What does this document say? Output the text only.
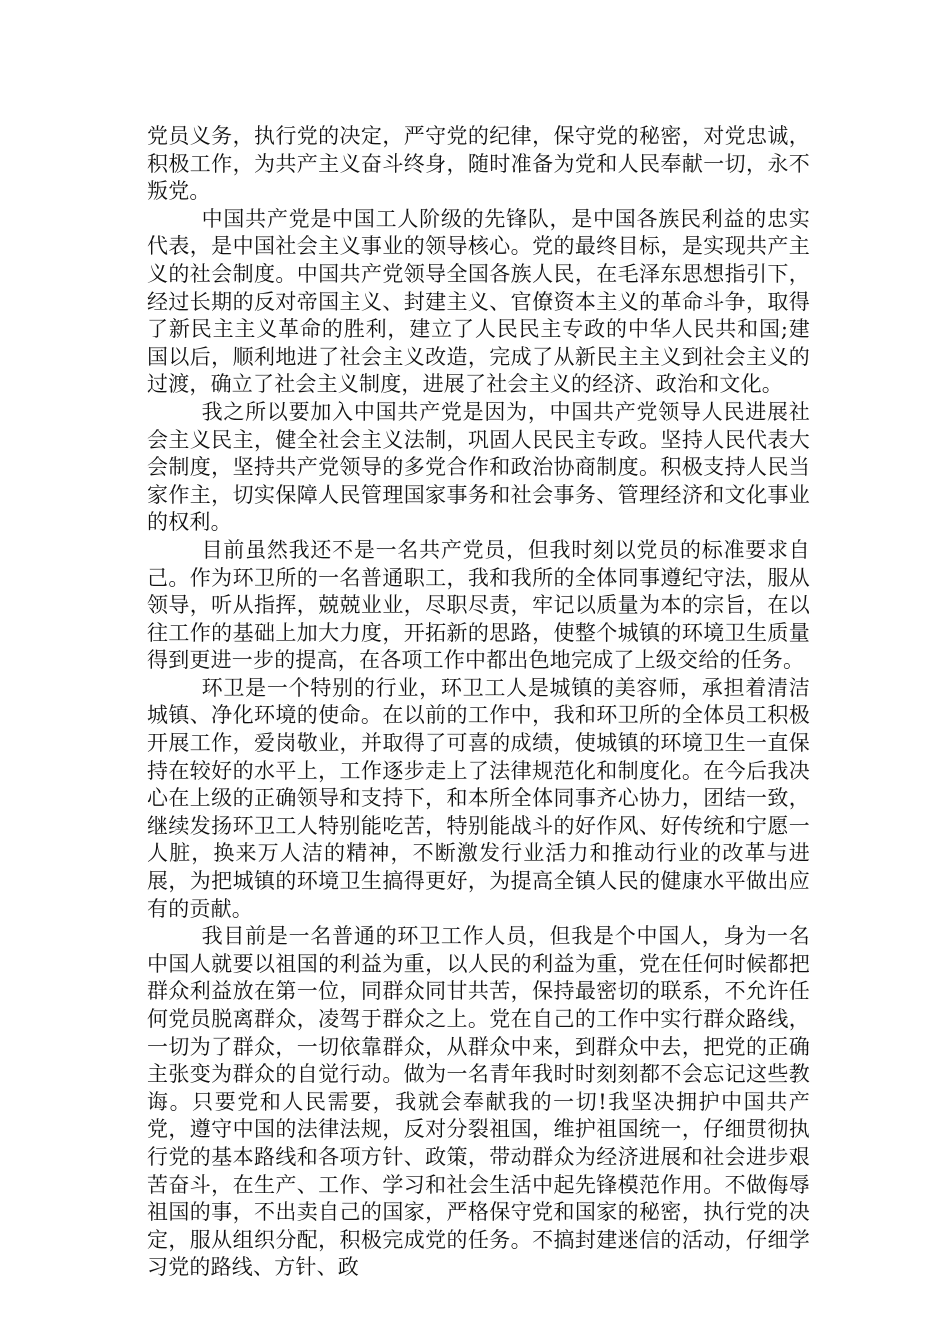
党员义务，执行党的决定，严守党的纪律，保守党的秘密，对党忠诚，积极工作，为共产主义奋斗终身，随时准备为党和人民奉献一切，永不叛党。

中国共产党是中国工人阶级的先锋队，是中国各族民利益的忠实代表，是中国社会主义事业的领导核心。党的最终目标，是实现共产主义的社会制度。中国共产党领导全国各族人民，在毛泽东思想指引下，经过长期的反对帝国主义、封建主义、官僚资本主义的革命斗争，取得了新民主主义革命的胜利，建立了人民民主专政的中华人民共和国;建国以后，顺利地进了社会主义改造，完成了从新民主主义到社会主义的过渡，确立了社会主义制度，进展了社会主义的经济、政治和文化。

我之所以要加入中国共产党是因为，中国共产党领导人民进展社会主义民主，健全社会主义法制，巩固人民民主专政。坚持人民代表大会制度，坚持共产党领导的多党合作和政治协商制度。积极支持人民当家作主，切实保障人民管理国家事务和社会事务、管理经济和文化事业的权利。

目前虽然我还不是一名共产党员，但我时刻以党员的标准要求自己。作为环卫所的一名普通职工，我和我所的全体同事遵纪守法，服从领导，听从指挥，兢兢业业，尽职尽责，牢记以质量为本的宗旨，在以往工作的基础上加大力度，开拓新的思路，使整个城镇的环境卫生质量得到更进一步的提高，在各项工作中都出色地完成了上级交给的任务。

环卫是一个特别的行业，环卫工人是城镇的美容师，承担着清洁城镇、净化环境的使命。在以前的工作中，我和环卫所的全体员工积极开展工作，爱岗敬业，并取得了可喜的成绩，使城镇的环境卫生一直保持在较好的水平上，工作逐步走上了法律规范化和制度化。在今后我决心在上级的正确领导和支持下，和本所全体同事齐心协力，团结一致，继续发扬环卫工人特别能吃苦，特别能战斗的好作风、好传统和宁愿一人脏，换来万人洁的精神，不断激发行业活力和推动行业的改革与进展，为把城镇的环境卫生搞得更好，为提高全镇人民的健康水平做出应有的贡献。

我目前是一名普通的环卫工作人员，但我是个中国人，身为一名中国人就要以祖国的利益为重，以人民的利益为重，党在任何时候都把群众利益放在第一位，同群众同甘共苦，保持最密切的联系，不允许任何党员脱离群众，凌驾于群众之上。党在自己的工作中实行群众路线，一切为了群众，一切依靠群众，从群众中来，到群众中去，把党的正确主张变为群众的自觉行动。做为一名青年我时时刻刻都不会忘记这些教诲。只要党和人民需要，我就会奉献我的一切!我坚决拥护中国共产党，遵守中国的法律法规，反对分裂祖国，维护祖国统一，仔细贯彻执行党的基本路线和各项方针、政策，带动群众为经济进展和社会进步艰苦奋斗，在生产、工作、学习和社会生活中起先锋模范作用。不做侮辱祖国的事，不出卖自己的国家，严格保守党和国家的秘密，执行党的决定，服从组织分配，积极完成党的任务。不搞封建迷信的活动，仔细学习党的路线、方针、政
